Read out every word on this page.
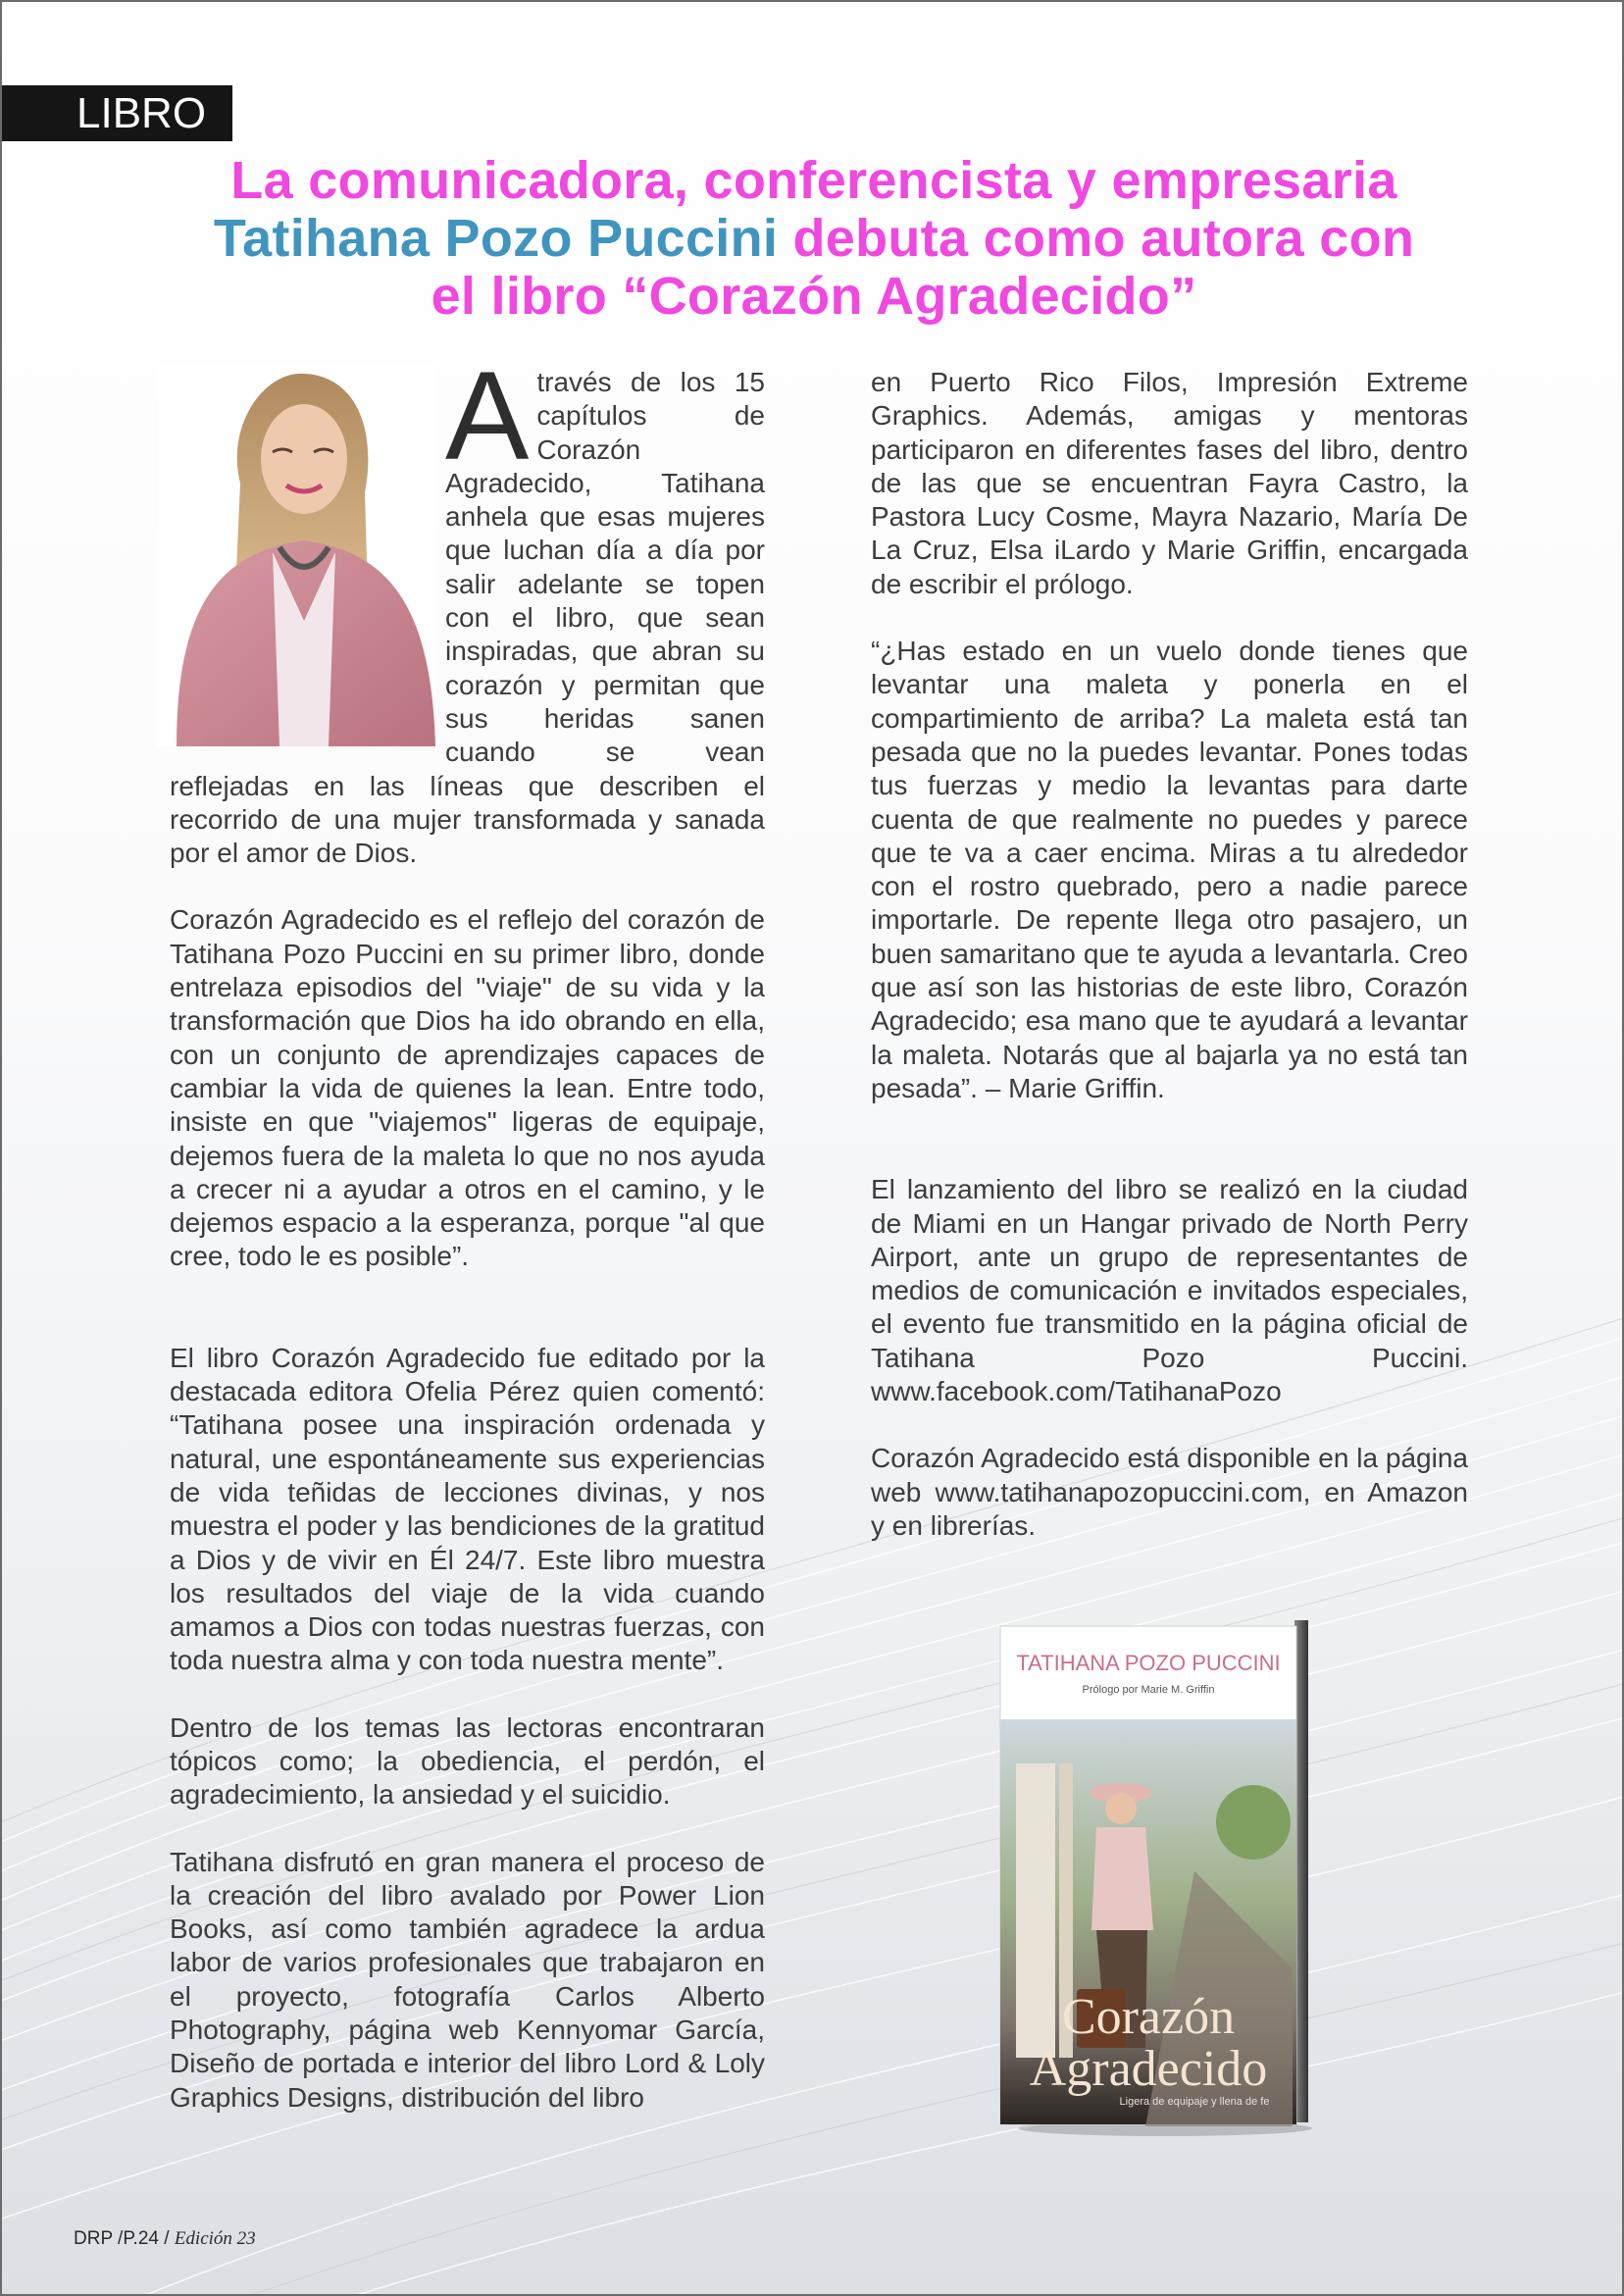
LIBRO
La comunicadora, conferencista y empresaria
Tatihana Pozo Puccini debuta como autora con
el libro “Corazón Agradecido”
A través de los 15 capítulos de Corazón Agradecido, Tatihana anhela que esas mujeres que luchan día a día por salir adelante se topen con el libro, que sean inspiradas, que abran su corazón y permitan que sus heridas sanen cuando se vean reflejadas en las líneas que describen el recorrido de una mujer transformada y sanada por el amor de Dios.

Corazón Agradecido es el reflejo del corazón de Tatihana Pozo Puccini en su primer libro, donde entrelaza episodios del "viaje" de su vida y la transformación que Dios ha ido obrando en ella, con un conjunto de aprendizajes capaces de cambiar la vida de quienes la lean. Entre todo, insiste en que "viajemos" ligeras de equipaje, dejemos fuera de la maleta lo que no nos ayuda a crecer ni a ayudar a otros en el camino, y le dejemos espacio a la esperanza, porque "al que cree, todo le es posible”.

El libro Corazón Agradecido fue editado por la destacada editora Ofelia Pérez quien comentó: “Tatihana posee una inspiración ordenada y natural, une espontáneamente sus experiencias de vida teñidas de lecciones divinas, y nos muestra el poder y las bendiciones de la gratitud a Dios y de vivir en Él 24/7. Este libro muestra los resultados del viaje de la vida cuando amamos a Dios con todas nuestras fuerzas, con toda nuestra alma y con toda nuestra mente”.

Dentro de los temas las lectoras encontraran tópicos como; la obediencia, el perdón, el agradecimiento, la ansiedad y el suicidio.

Tatihana disfrutó en gran manera el proceso de la creación del libro avalado por Power Lion Books, así como también agradece la ardua labor de varios profesionales que trabajaron en el proyecto, fotografía Carlos Alberto Photography, página web Kennyomar García, Diseño de portada e interior del libro Lord & Loly Graphics Designs, distribución del libro

en Puerto Rico Filos, Impresión Extreme Graphics. Además, amigas y mentoras participaron en diferentes fases del libro, dentro de las que se encuentran Fayra Castro, la Pastora Lucy Cosme, Mayra Nazario, María De La Cruz, Elsa iLardo y Marie Griffin, encargada de escribir el prólogo.

“¿Has estado en un vuelo donde tienes que levantar una maleta y ponerla en el compartimiento de arriba? La maleta está tan pesada que no la puedes levantar. Pones todas tus fuerzas y medio la levantas para darte cuenta de que realmente no puedes y parece que te va a caer encima. Miras a tu alrededor con el rostro quebrado, pero a nadie parece importarle. De repente llega otro pasajero, un buen samaritano que te ayuda a levantarla. Creo que así son las historias de este libro, Corazón Agradecido; esa mano que te ayudará a levantar la maleta. Notarás que al bajarla ya no está tan pesada”. – Marie Griffin.

El lanzamiento del libro se realizó en la ciudad de Miami en un Hangar privado de North Perry Airport, ante un grupo de representantes de medios de comunicación e invitados especiales, el evento fue transmitido en la página oficial de Tatihana Pozo Puccini. www.facebook.com/TatihanaPozo

Corazón Agradecido está disponible en la página web www.tatihanapozopuccini.com, en Amazon y en librerías.

TATIHANA POZO PUCCINI
Prólogo por Marie M. Griffin
Corazón
Agradecido
Ligera de equipaje y llena de fe
DRP /P.24 / Edición 23
